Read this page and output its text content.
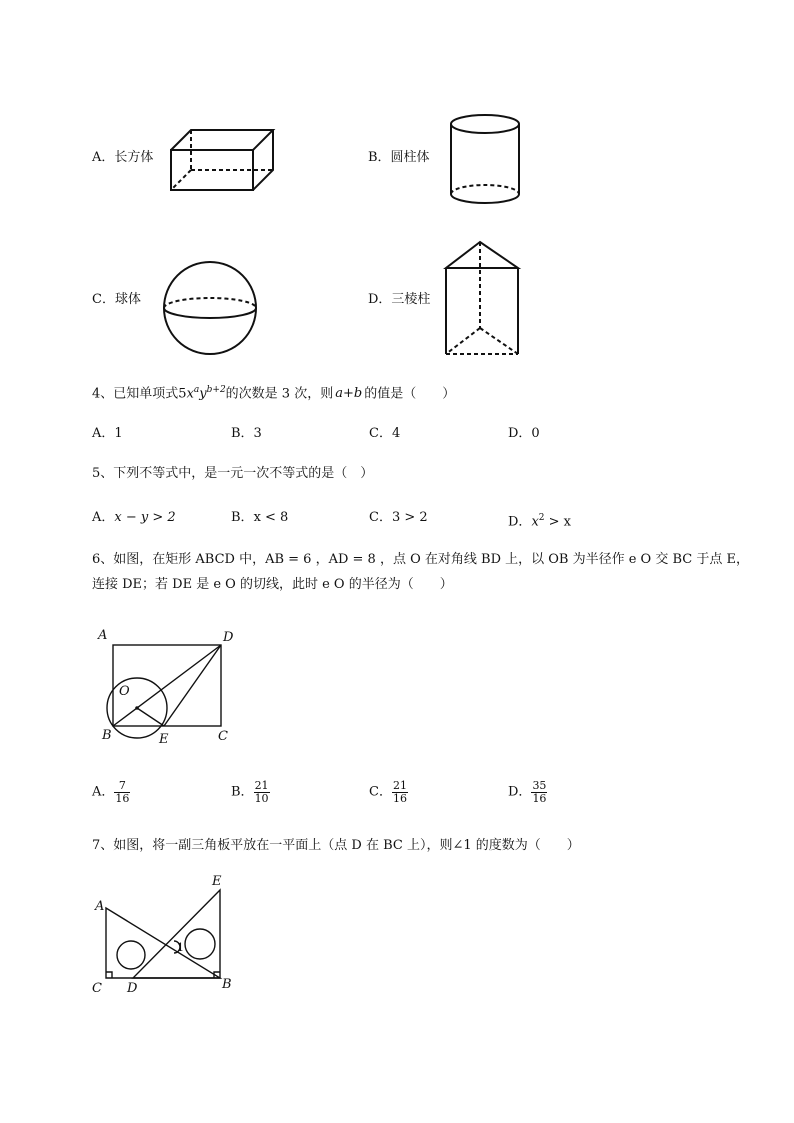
A．长方体	B．圆柱体
C．球体	D．三棱柱
4、已知单项式$5x^ay^{b+2}$的次数是 3 次，则 a+b 的值是（　　）
A．1	B．3	C．4	D．0
5、下列不等式中，是一元一次不等式的是（　）
A．x − y > 2	B．x < 8	C．3 > 2	D．$x^2 > x$
6、如图，在矩形 ABCD 中，AB = 6 ，AD = 8 ，点 O 在对角线 BD 上，以 OB 为半径作 e O 交 BC 于点 E，
连接 DE；若 DE 是 e O 的切线，此时 e O 的半径为（　　）
A	D
O
B	E	C
A． $\frac{7}{16}$	B． $\frac{21}{10}$	C． $\frac{21}{16}$	D． $\frac{35}{16}$
7、如图，将一副三角板平放在一平面上（点 D 在 BC 上），则∠1 的度数为（　　）
E
A
1
C D	B
